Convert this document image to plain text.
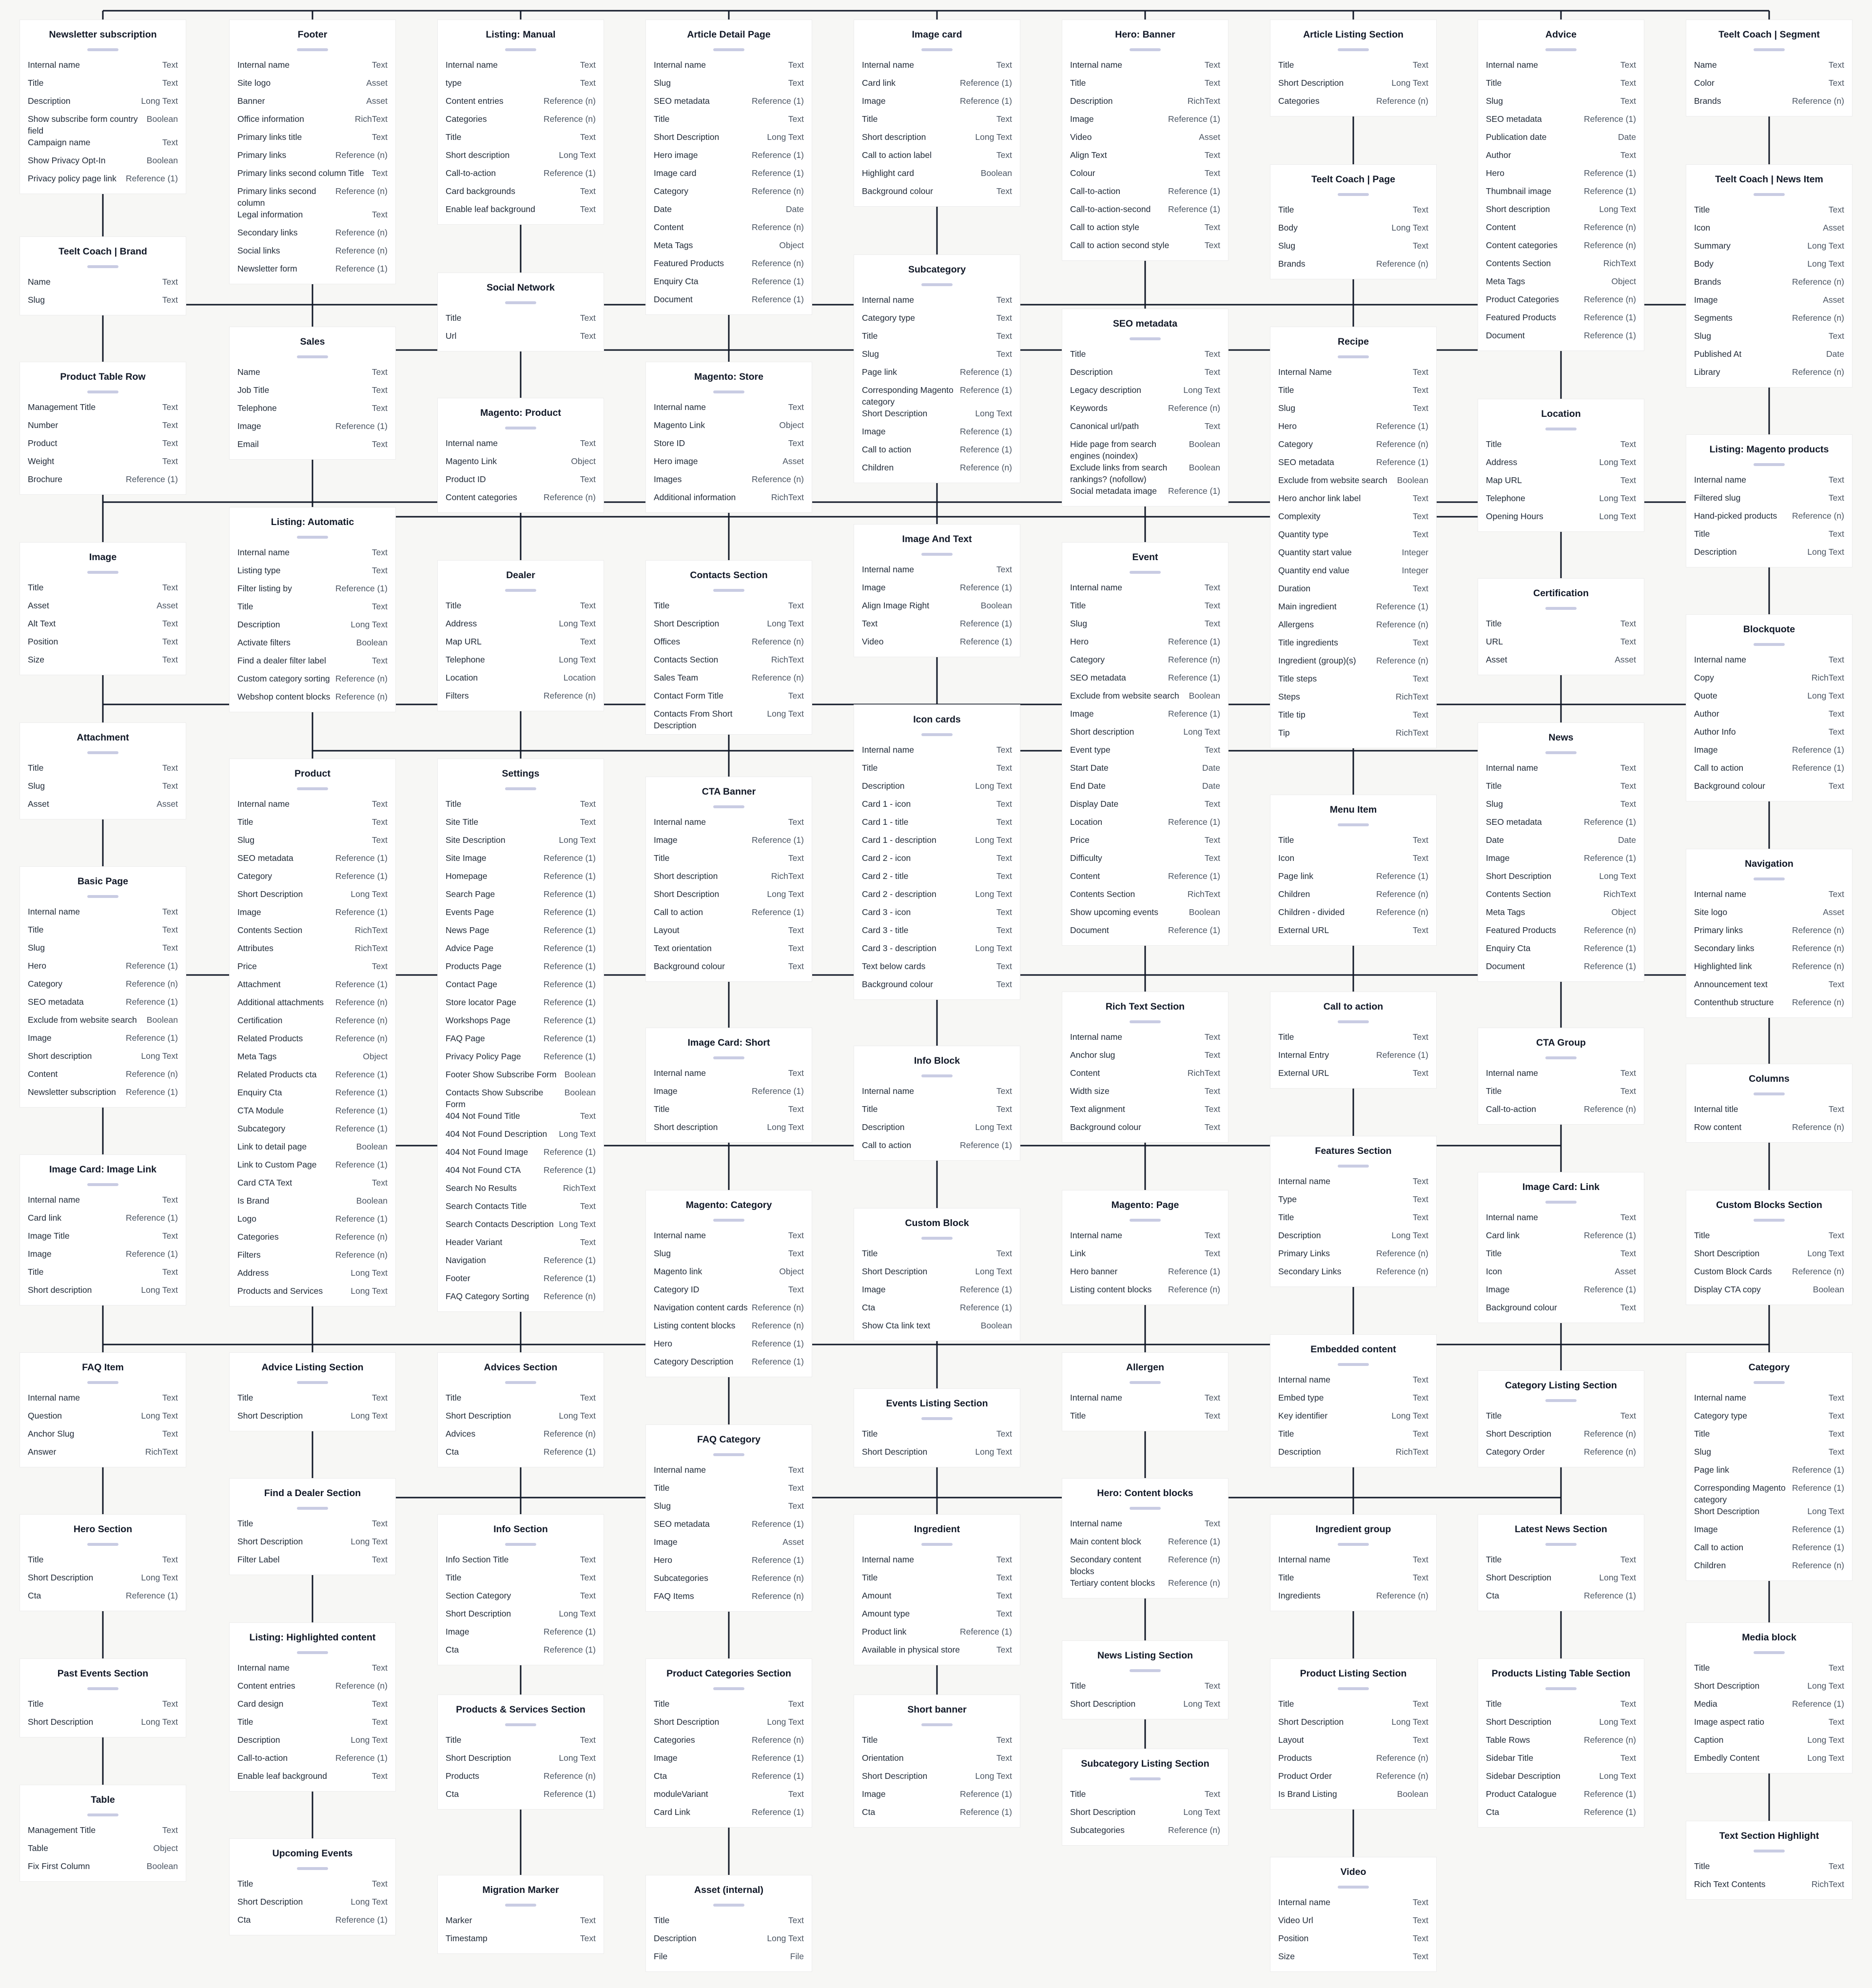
Newsletter subscription
Internal name	Text
Title	Text
Description	Long Text
Show subscribe form country field
Boolean
Campaign name	Text
Show Privacy Opt-In	Boolean
Privacy policy page link	Reference (1)
Teelt Coach | Brand
Name	Text
Slug	Text
Product Table Row
Management Title	Text
Number	Text
Product	Text
Weight	Text
Brochure	Reference (1)
Image
Title	Text
Asset	Asset
Alt Text	Text
Position	Text
Size	Text
Attachment
Title	Text
Slug	Text
Asset	Asset
Basic Page
Internal name	Text
Title	Text
Slug	Text
Hero	Reference (1)
Category	Reference (n)
SEO metadata	Reference (1)
Exclude from website search	Boolean
Image	Reference (1)
Short description	Long Text
Content	Reference (n)
Newsletter subscription	Reference (1)
Image Card: Image Link
Internal name	Text
Card link	Reference (1)
Image Title	Text
Image	Reference (1)
Title	Text
Short description	Long Text
FAQ Item
Internal name	Text
Question	Long Text
Anchor Slug	Text
Answer	RichText
Hero Section
Title	Text
Short Description	Long Text
Cta	Reference (1)
Past Events Section
Title	Text
Short Description	Long Text
Table
Management Title	Text
Table	Object
Fix First Column	Boolean
Footer
Internal name	Text
Site logo	Asset
Banner	Asset
Office information	RichText
Primary links title	Text
Primary links	Reference (n)
Primary links second column Title Text
Primary links second column
Reference (n)
Legal information	Text
Secondary links	Reference (n)
Social links	Reference (n)
Newsletter form	Reference (1)
Sales
Name	Text
Job Title	Text
Telephone	Text
Image	Reference (1)
Email	Text
Listing: Automatic
Internal name	Text
Listing type	Text
Filter listing by	Reference (1)
Title	Text
Description	Long Text
Activate filters	Boolean
Find a dealer filter label	Text
Custom category sorting Reference (n)
Webshop content blocks Reference (n)
Product
Internal name	Text
Title	Text
Slug	Text
SEO metadata	Reference (1)
Category	Reference (1)
Short Description	Long Text
Image	Reference (1)
Contents Section	RichText
Attributes	RichText
Price	Text
Attachment	Reference (1)
Additional attachments	Reference (n)
Certification	Reference (n)
Related Products	Reference (n)
Meta Tags	Object
Related Products cta	Reference (1)
Enquiry Cta	Reference (1)
CTA Module	Reference (1)
Subcategory	Reference (1)
Link to detail page	Boolean
Link to Custom Page	Reference (1)
Card CTA Text	Text
Is Brand	Boolean
Logo	Reference (1)
Categories	Reference (n)
Filters	Reference (n)
Address	Long Text
Products and Services	Long Text
Advice Listing Section
Title	Text
Short Description	Long Text
Find a Dealer Section
Title	Text
Short Description	Long Text
Filter Label	Text
Listing: Highlighted content
Internal name	Text
Content entries	Reference (n)
Card design	Text
Title	Text
Description	Long Text
Call-to-action	Reference (1)
Enable leaf background	Text
Upcoming Events
Title	Text
Short Description	Long Text
Cta	Reference (1)
Listing: Manual
Internal name	Text
type	Text
Content entries	Reference (n)
Categories	Reference (n)
Title	Text
Short description	Long Text
Call-to-action	Reference (1)
Card backgrounds	Text
Enable leaf background	Text
Social Network
Title	Text
Url	Text
Magento: Product
Internal name	Text
Magento Link	Object
Product ID	Text
Content categories	Reference (n)
Dealer
Title	Text
Address	Long Text
Map URL	Text
Telephone	Long Text
Location	Location
Filters	Reference (n)
Settings
Title	Text
Site Title	Text
Site Description	Long Text
Site Image	Reference (1)
Homepage	Reference (1)
Search Page	Reference (1)
Events Page	Reference (1)
News Page	Reference (1)
Advice Page	Reference (1)
Products Page	Reference (1)
Contact Page	Reference (1)
Store locator Page	Reference (1)
Workshops Page	Reference (1)
FAQ Page	Reference (1)
Privacy Policy Page	Reference (1)
Footer Show Subscribe Form Boolean
Contacts Show Subscribe Form
Boolean
404 Not Found Title	Text
404 Not Found Description	Long Text
404 Not Found Image	Reference (1)
404 Not Found CTA	Reference (1)
Search No Results	RichText
Search Contacts Title	Text
Search Contacts Description Long Text
Header Variant	Text
Navigation	Reference (1)
Footer	Reference (1)
FAQ Category Sorting	Reference (n)
Advices Section
Title	Text
Short Description	Long Text
Advices	Reference (n)
Cta	Reference (1)
Info Section
Info Section Title	Text
Title	Text
Section Category	Text
Short Description	Long Text
Image	Reference (1)
Cta	Reference (1)
Products & Services Section
Title	Text
Short Description	Long Text
Products	Reference (n)
Cta	Reference (1)
Migration Marker
Marker	Text
Timestamp	Text
Article Detail Page
Internal name	Text
Slug	Text
SEO metadata	Reference (1)
Title	Text
Short Description	Long Text
Hero image	Reference (1)
Image card	Reference (1)
Category	Reference (n)
Date	Date
Content	Reference (n)
Meta Tags	Object
Featured Products	Reference (n)
Enquiry Cta	Reference (1)
Document	Reference (1)
Magento: Store
Internal name	Text
Magento Link	Object
Store ID	Text
Hero image	Asset
Images	Reference (n)
Additional information	RichText
Contacts Section
Title	Text
Short Description	Long Text
Offices	Reference (n)
Contacts Section	RichText
Sales Team	Reference (n)
Contact Form Title	Text
Contacts From Short Description
Long Text
CTA Banner
Internal name	Text
Image	Reference (1)
Title	Text
Short description	RichText
Short Description	Long Text
Call to action	Reference (1)
Layout	Text
Text orientation	Text
Background colour	Text
Image Card: Short
Internal name	Text
Image	Reference (1)
Title	Text
Short description	Long Text
Magento: Category
Internal name	Text
Slug	Text
Magento link	Object
Category ID	Text
Navigation content cards Reference (n)
Listing content blocks	Reference (n)
Hero	Reference (1)
Category Description	Reference (1)
FAQ Category
Internal name	Text
Title	Text
Slug	Text
SEO metadata	Reference (1)
Image	Asset
Hero	Reference (1)
Subcategories	Reference (n)
FAQ Items	Reference (n)
Product Categories Section
Title	Text
Short Description	Long Text
Categories	Reference (n)
Image	Reference (1)
Cta	Reference (1)
moduleVariant	Text
Card Link	Reference (1)
Asset (internal)
Title	Text
Description	Long Text
File	File
Image card
Internal name	Text
Card link	Reference (1)
Image	Reference (1)
Title	Text
Short description	Long Text
Call to action label	Text
Highlight card	Boolean
Background colour	Text
Subcategory
Internal name	Text
Category type	Text
Title	Text
Slug	Text
Page link	Reference (1)
Corresponding Magento category
Reference (1)
Short Description	Long Text
Image	Reference (1)
Call to action	Reference (1)
Children	Reference (n)
Image And Text
Internal name	Text
Image	Reference (1)
Align Image Right	Boolean
Text	Reference (1)
Video	Reference (1)
Icon cards
Internal name	Text
Title	Text
Description	Long Text
Card 1 - icon	Text
Card 1 - title	Text
Card 1 - description	Long Text
Card 2 - icon	Text
Card 2 - title	Text
Card 2 - description	Long Text
Card 3 - icon	Text
Card 3 - title	Text
Card 3 - description	Long Text
Text below cards	Text
Background colour	Text
Info Block
Internal name	Text
Title	Text
Description	Long Text
Call to action	Reference (1)
Custom Block
Title	Text
Short Description	Long Text
Image	Reference (1)
Cta	Reference (1)
Show Cta link text	Boolean
Events Listing Section
Title	Text
Short Description	Long Text
Ingredient
Internal name	Text
Title	Text
Amount	Text
Amount type	Text
Product link	Reference (1)
Available in physical store	Text
Short banner
Title	Text
Orientation	Text
Short Description	Long Text
Image	Reference (1)
Cta	Reference (1)
Hero: Banner
Internal name	Text
Title	Text
Description	RichText
Image	Reference (1)
Video	Asset
Align Text	Text
Colour	Text
Call-to-action	Reference (1)
Call-to-action-second	Reference (1)
Call to action style	Text
Call to action second style	Text
SEO metadata
Title	Text
Description	Text
Legacy description	Long Text
Keywords	Reference (n)
Canonical url/path	Text
Hide page from search engines (noindex)
Boolean
Exclude links from search rankings? (nofollow)
Boolean
Social metadata image	Reference (1)
Event
Internal name	Text
Title	Text
Slug	Text
Hero	Reference (1)
Category	Reference (n)
SEO metadata	Reference (1)
Exclude from website search	Boolean
Image	Reference (1)
Short description	Long Text
Event type	Text
Start Date	Date
End Date	Date
Display Date	Text
Location	Reference (1)
Price	Text
Difficulty	Text
Content	Reference (1)
Contents Section	RichText
Show upcoming events	Boolean
Document	Reference (1)
Rich Text Section
Internal name	Text
Anchor slug	Text
Content	RichText
Width size	Text
Text alignment	Text
Background colour	Text
Magento: Page
Internal name	Text
Link	Text
Hero banner	Reference (1)
Listing content blocks	Reference (n)
Allergen
Internal name	Text
Title	Text
Hero: Content blocks
Internal name	Text
Main content block	Reference (1)
Secondary content blocks
Reference (n)
Tertiary content blocks	Reference (n)
News Listing Section
Title	Text
Short Description	Long Text
Subcategory Listing Section
Title	Text
Short Description	Long Text
Subcategories	Reference (n)
Article Listing Section
Title	Text
Short Description	Long Text
Categories	Reference (n)
Teelt Coach | Page
Title	Text
Body	Long Text
Slug	Text
Brands	Reference (n)
Recipe
Internal Name	Text
Title	Text
Slug	Text
Hero	Reference (1)
Category	Reference (n)
SEO metadata	Reference (1)
Exclude from website search	Boolean
Hero anchor link label	Text
Complexity	Text
Quantity type	Text
Quantity start value	Integer
Quantity end value	Integer
Duration	Text
Main ingredient	Reference (1)
Allergens	Reference (n)
Title ingredients	Text
Ingredient (group)(s)	Reference (n)
Title steps	Text
Steps	RichText
Title tip	Text
Tip	RichText
Menu Item
Title	Text
Icon	Text
Page link	Reference (1)
Children	Reference (n)
Children - divided	Reference (n)
External URL	Text
Call to action
Title	Text
Internal Entry	Reference (1)
External URL	Text
Features Section
Internal name	Text
Type	Text
Title	Text
Description	Long Text
Primary Links	Reference (n)
Secondary Links	Reference (n)
Embedded content
Internal name	Text
Embed type	Text
Key identifier	Long Text
Title	Text
Description	RichText
Ingredient group
Internal name	Text
Title	Text
Ingredients	Reference (n)
Product Listing Section
Title	Text
Short Description	Long Text
Layout	Text
Products	Reference (n)
Product Order	Reference (n)
Is Brand Listing	Boolean
Video
Internal name	Text
Video Url	Text
Position	Text
Size	Text
Advice
Internal name	Text
Title	Text
Slug	Text
SEO metadata	Reference (1)
Publication date	Date
Author	Text
Hero	Reference (1)
Thumbnail image	Reference (1)
Short description	Long Text
Content	Reference (n)
Content categories	Reference (n)
Contents Section	RichText
Meta Tags	Object
Product Categories	Reference (n)
Featured Products	Reference (1)
Document	Reference (1)
Location
Title	Text
Address	Long Text
Map URL	Text
Telephone	Long Text
Opening Hours	Long Text
Certification
Title	Text
URL	Text
Asset	Asset
News
Internal name	Text
Title	Text
Slug	Text
SEO metadata	Reference (1)
Date	Date
Image	Reference (1)
Short Description	Long Text
Contents Section	RichText
Meta Tags	Object
Featured Products	Reference (n)
Enquiry Cta	Reference (1)
Document	Reference (1)
CTA Group
Internal name	Text
Title	Text
Call-to-action	Reference (n)
Image Card: Link
Internal name	Text
Card link	Reference (1)
Title	Text
Icon	Asset
Image	Reference (1)
Background colour	Text
Category Listing Section
Title	Text
Short Description	Reference (n)
Category Order	Reference (n)
Latest News Section
Title	Text
Short Description	Long Text
Cta	Reference (1)
Products Listing Table Section
Title	Text
Short Description	Long Text
Table Rows	Reference (n)
Sidebar Title	Text
Sidebar Description	Long Text
Product Catalogue	Reference (1)
Cta	Reference (1)
Teelt Coach | Segment
Name	Text
Color	Text
Brands	Reference (n)
Teelt Coach | News Item
Title	Text
Icon	Asset
Summary	Long Text
Body	Long Text
Brands	Reference (n)
Image	Asset
Segments	Reference (n)
Slug	Text
Published At	Date
Library	Reference (n)
Listing: Magento products
Internal name	Text
Filtered slug	Text
Hand-picked products	Reference (n)
Title	Text
Description	Long Text
Blockquote
Internal name	Text
Copy	RichText
Quote	Long Text
Author	Text
Author Info	Text
Image	Reference (1)
Call to action	Reference (1)
Background colour	Text
Navigation
Internal name	Text
Site logo	Asset
Primary links	Reference (n)
Secondary links	Reference (n)
Highlighted link	Reference (n)
Announcement text	Text
Contenthub structure	Reference (n)
Columns
Internal title	Text
Row content	Reference (n)
Custom Blocks Section
Title	Text
Short Description	Long Text
Custom Block Cards	Reference (n)
Display CTA copy	Boolean
Category
Internal name	Text
Category type	Text
Title	Text
Slug	Text
Page link	Reference (1)
Corresponding Magento category
Reference (1)
Short Description	Long Text
Image	Reference (1)
Call to action	Reference (1)
Children	Reference (n)
Media block
Title	Text
Short Description	Long Text
Media	Reference (1)
Image aspect ratio	Text
Caption	Long Text
Embedly Content	Long Text
Text Section Highlight
Title	Text
Rich Text Contents	RichText
